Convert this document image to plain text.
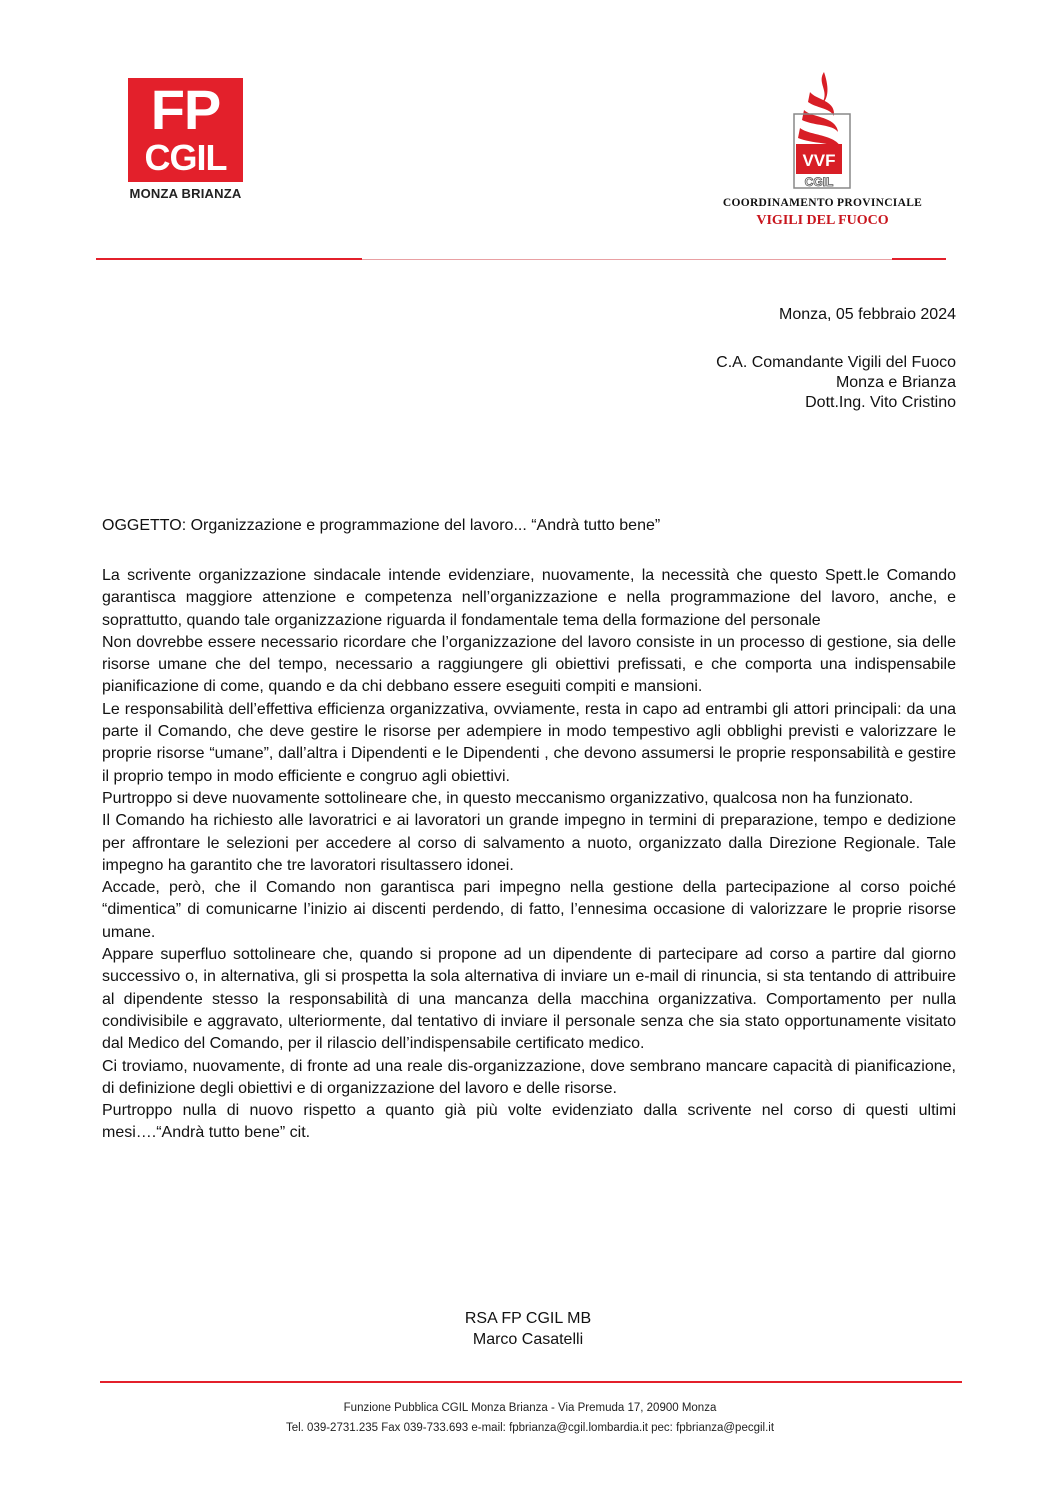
FP
CGIL
MONZA BRIANZA
VVF
CGIL
COORDINAMENTO PROVINCIALE
VIGILI DEL FUOCO
Monza, 05 febbraio 2024
C.A. Comandante Vigili del Fuoco
Monza e Brianza
Dott.Ing. Vito Cristino
OGGETTO: Organizzazione e programmazione del lavoro... “Andrà tutto bene”

La scrivente organizzazione sindacale intende evidenziare, nuovamente, la necessità che questo Spett.le Comando garantisca maggiore attenzione e competenza nell’organizzazione e nella programmazione del lavoro, anche, e soprattutto, quando tale organizzazione riguarda il fondamentale tema della formazione del personale

Non dovrebbe essere necessario ricordare che l’organizzazione del lavoro consiste in un processo di gestione, sia delle risorse umane che del tempo, necessario a raggiungere gli obiettivi prefissati, e che comporta una indispensabile pianificazione di come, quando e da chi debbano essere eseguiti compiti e mansioni.

Le responsabilità dell’effettiva efficienza organizzativa, ovviamente, resta in capo ad entrambi gli attori principali: da una parte il Comando, che deve gestire le risorse per adempiere in modo tempestivo agli obblighi previsti e valorizzare le proprie risorse “umane”, dall’altra i Dipendenti e le Dipendenti , che devono assumersi le proprie responsabilità e gestire il proprio tempo in modo efficiente e congruo agli obiettivi.

Purtroppo si deve nuovamente sottolineare che, in questo meccanismo organizzativo, qualcosa non ha funzionato.

Il Comando ha richiesto alle lavoratrici e ai lavoratori un grande impegno in termini di preparazione, tempo e dedizione per affrontare le selezioni per accedere al corso di salvamento a nuoto, organizzato dalla Direzione Regionale. Tale impegno ha garantito che tre lavoratori risultassero idonei.

Accade, però, che il Comando non garantisca pari impegno nella gestione della partecipazione al corso poiché “dimentica” di comunicarne l’inizio ai discenti perdendo, di fatto, l’ennesima occasione di valorizzare le proprie risorse umane.

Appare superfluo sottolineare che, quando si propone ad un dipendente di partecipare ad corso a partire dal giorno successivo o, in alternativa, gli si prospetta la sola alternativa di inviare un e-mail di rinuncia, si sta tentando di attribuire al dipendente stesso la responsabilità di una mancanza della macchina organizzativa. Comportamento per nulla condivisibile e aggravato, ulteriormente, dal tentativo di inviare il personale senza che sia stato opportunamente visitato dal Medico del Comando, per il rilascio dell’indispensabile certificato medico.

Ci troviamo, nuovamente, di fronte ad una reale dis-organizzazione, dove sembrano mancare capacità di pianificazione, di definizione degli obiettivi e di organizzazione del lavoro e delle risorse.

Purtroppo nulla di nuovo rispetto a quanto già più volte evidenziato dalla scrivente nel corso di questi ultimi mesi….“Andrà tutto bene” cit.

RSA FP CGIL MB
Marco Casatelli
Funzione Pubblica CGIL Monza Brianza - Via Premuda 17, 20900 Monza
Tel. 039-2731.235 Fax 039-733.693 e-mail: fpbrianza@cgil.lombardia.it pec: fpbrianza@pecgil.it
